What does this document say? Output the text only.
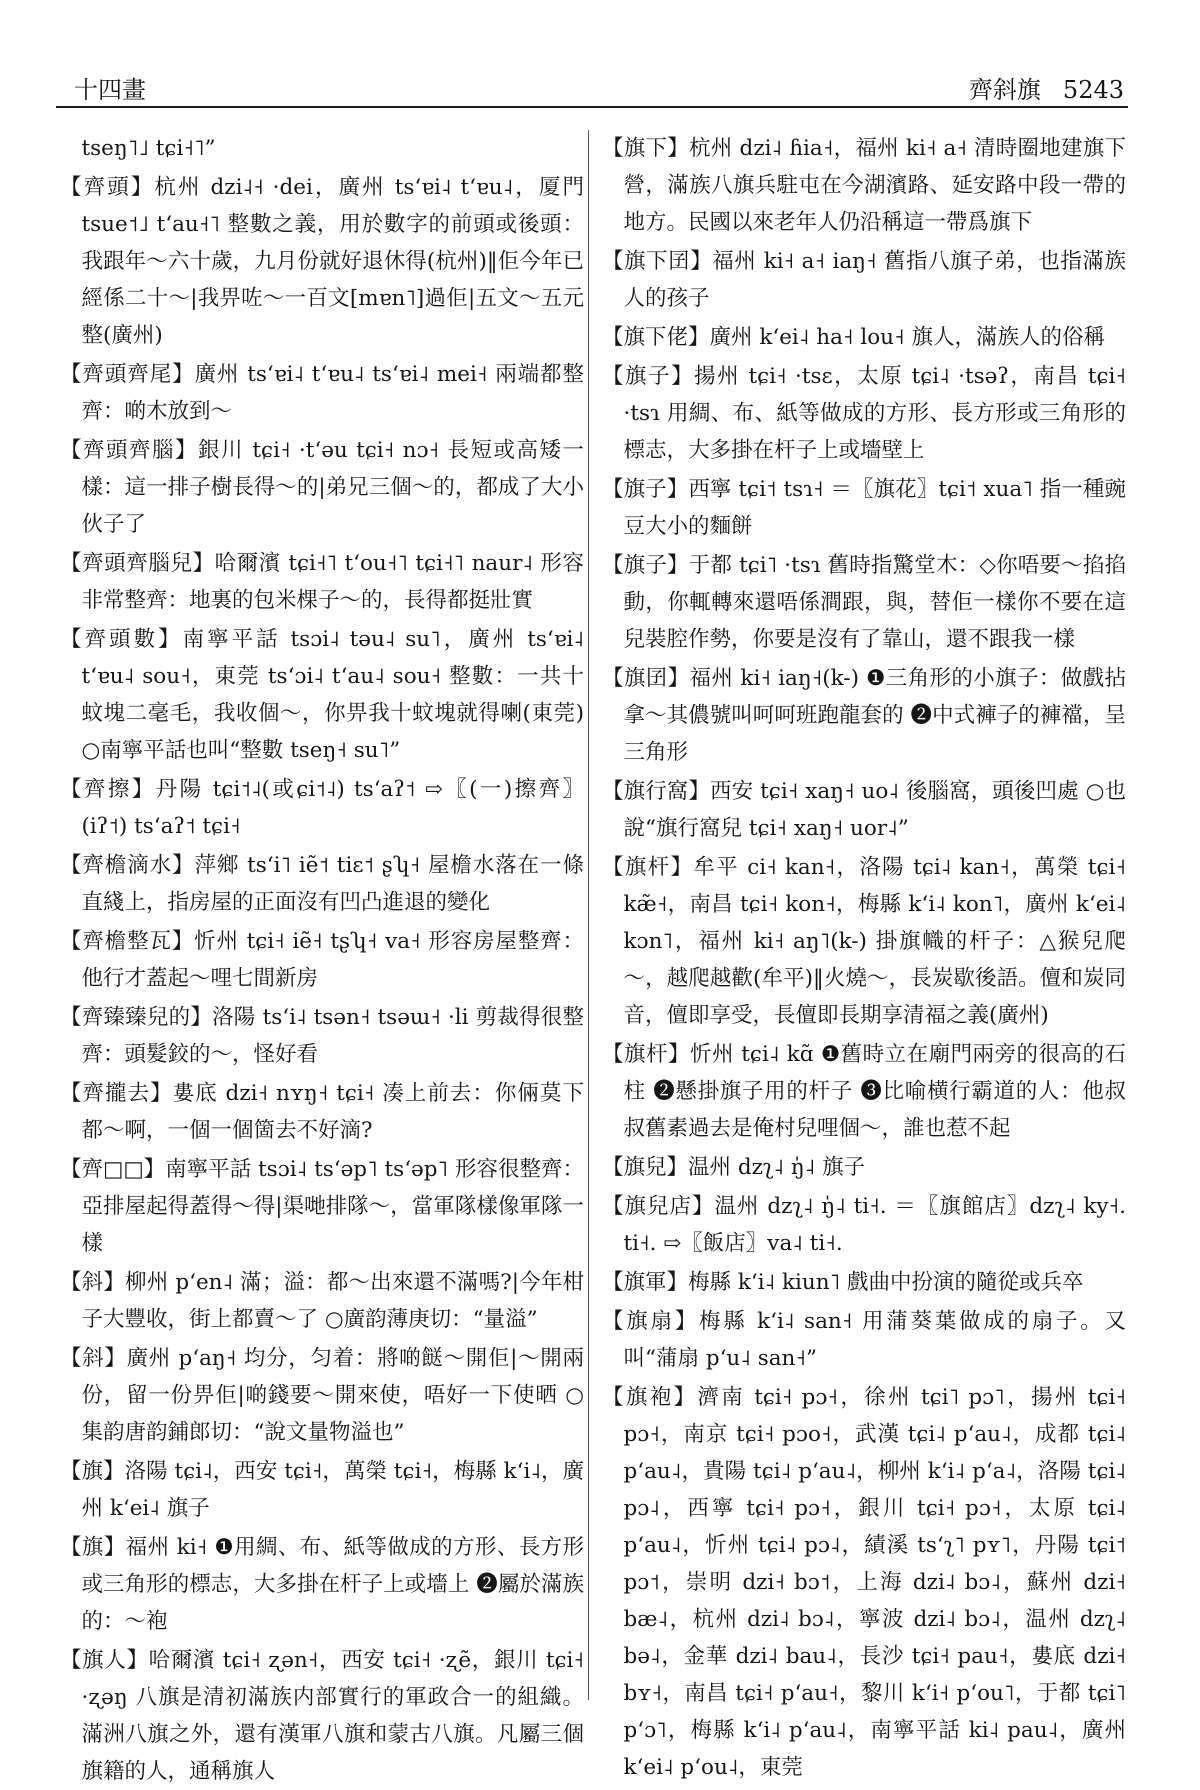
十四畫	齊斜旗 5243

tseŋ˥˩ tɕi˧˥”

【齊頭】杭州 dzi˨˧ ·dei，廣州 tsʻɐi˨ tʻɐu˨，厦門 tsue˦˩ tʻau˧˥ 整數之義，用於數字的前頭或後頭：我跟年～六十歲，九月份就好退休得(杭州)‖佢今年已經係二十～|我畀咗～一百文[mɐn˥]過佢|五文～五元整(廣州)

【齊頭齊尾】廣州 tsʻɐi˨ tʻɐu˨ tsʻɐi˨ mei˧ 兩端都整齊：啲木放到～

【齊頭齊腦】銀川 tɕi˧ ·tʻəu tɕi˧ nɔ˧ 長短或高矮一樣：這一排子樹長得～的|弟兄三個～的，都成了大小伙子了

【齊頭齊腦兒】哈爾濱 tɕi˧˥ tʻou˧˥ tɕi˧˥ naur˨ 形容非常整齊：地裏的包米棵子～的，長得都挺壯實

【齊頭數】南寧平話 tsɔi˨ təu˨ su˥，廣州 tsʻɐi˨ tʻɐu˨ sou˧，東莞 tsʻɔi˨ tʻau˨ sou˧ 整數：一共十蚊塊二毫毛，我收個～，你畀我十蚊塊就得喇(東莞) ○南寧平話也叫“整數 tseŋ˧ su˥”

【齊擦】丹陽 tɕi˦˨(或ɕi˦˨) tsʻaʔ˦ ⇨〖(一)擦齊〗(iʔ˦) tsʻaʔ˦ tɕi˧

【齊檐滴水】萍鄉 tsʻi˥ iẽ˦ tiɛ˦ ʂʮ˧ 屋檐水落在一條直綫上，指房屋的正面沒有凹凸進退的變化

【齊檐整瓦】忻州 tɕi˧ iẽ˧ tʂʮ˧ va˧ 形容房屋整齊：他行才蓋起～哩七間新房

【齊臻臻兒的】洛陽 tsʻi˨ tsən˧ tsəɯ˧ ·li 剪裁得很整齊：頭髮鉸的～，怪好看

【齊攏去】婁底 dzi˧ nʏŋ˧ tɕi˧ 凑上前去：你倆莫下都～啊，一個一個箇去不好滴?

【齊□□】南寧平話 tsɔi˨ tsʻəp˥ tsʻəp˥ 形容很整齊：亞排屋起得蓋得～得|渠哋排隊～，當軍隊樣像軍隊一樣

【斜】柳州 pʻen˨ 滿；溢：都～出來還不滿嗎?|今年柑子大豐收，街上都賣～了 ○廣韵薄庚切：“量溢”

【斜】廣州 pʻaŋ˧ 均分，匀着：將啲餸～開佢|～開兩份，留一份畀佢|啲錢要～開來使，唔好一下使晒 ○集韵唐韵鋪郎切：“說文量物溢也”

【旗】洛陽 tɕi˨，西安 tɕi˧，萬榮 tɕi˧，梅縣 kʻi˨，廣州 kʻei˨ 旗子

【旗】福州 ki˧ ❶用綢、布、紙等做成的方形、長方形或三角形的標志，大多掛在杆子上或墻上 ❷屬於滿族的：～袍

【旗人】哈爾濱 tɕi˧ ʐən˧，西安 tɕi˧ ·ʐẽ，銀川 tɕi˧ ·ʐəŋ 八旗是清初滿族内部實行的軍政合一的組織。滿洲八旗之外，還有漢軍八旗和蒙古八旗。凡屬三個旗籍的人，通稱旗人

【旗下】杭州 dzi˨ ɦia˧，福州 ki˧ a˧ 清時圈地建旗下營，滿族八旗兵駐屯在今湖濱路、延安路中段一帶的地方。民國以來老年人仍沿稱這一帶爲旗下

【旗下囝】福州 ki˧ a˧ iaŋ˧ 舊指八旗子弟，也指滿族人的孩子

【旗下佬】廣州 kʻei˨ ha˧ lou˧ 旗人，滿族人的俗稱

【旗子】揚州 tɕi˧ ·tsɛ，太原 tɕi˨ ·tsəʔ，南昌 tɕi˧ ·tsɿ 用綢、布、紙等做成的方形、長方形或三角形的標志，大多掛在杆子上或墻壁上

【旗子】西寧 tɕi˦ tsɿ˧ ＝〖旗花〗tɕi˦ xua˥ 指一種豌豆大小的麵餅

【旗子】于都 tɕi˥ ·tsɿ 舊時指驚堂木：◇你唔要～掐掐動，你輒轉來還唔係澗跟，與，替佢一樣你不要在這兒裝腔作勢，你要是沒有了靠山，還不跟我一樣

【旗囝】福州 ki˧ iaŋ˧(k-) ❶三角形的小旗子：做戲拈拿～其儂號叫呵呵班跑龍套的 ❷中式褲子的褲襠，呈三角形

【旗行窩】西安 tɕi˧ xaŋ˧ uo˨ 後腦窩，頭後凹處 ○也說“旗行窩兒 tɕi˧ xaŋ˧ uor˨”

【旗杆】牟平 ci˧ kan˧，洛陽 tɕi˨ kan˧，萬榮 tɕi˧ kæ̃˧，南昌 tɕi˧ kon˧，梅縣 kʻi˨ kon˥，廣州 kʻei˨ kɔn˥，福州 ki˧ aŋ˥(k-) 掛旗幟的杆子：△猴兒爬～，越爬越歡(牟平)‖火燒～，長炭歇後語。儃和炭同音，儃即享受，長儃即長期享清福之義(廣州)

【旗杆】忻州 tɕi˨ kɑ̃ ❶舊時立在廟門兩旁的很高的石柱 ❷懸掛旗子用的杆子 ❸比喻横行霸道的人：他叔叔舊素過去是俺村兒哩個～，誰也惹不起

【旗兒】温州 dzʅ˨ ŋ̍˨ 旗子

【旗兒店】温州 dzʅ˨ ŋ̍˨ ti˧. ＝〖旗館店〗dzʅ˨ ky˧. ti˧. ⇨〖飯店〗va˨ ti˧.

【旗軍】梅縣 kʻi˨ kiun˥ 戲曲中扮演的隨從或兵卒

【旗扇】梅縣 kʻi˨ san˧ 用蒲葵葉做成的扇子。又叫“蒲扇 pʻu˨ san˧”

【旗袍】濟南 tɕi˧ pɔ˧，徐州 tɕi˥ pɔ˥，揚州 tɕi˧ pɔ˧，南京 tɕi˧ pɔo˧，武漢 tɕi˨ pʻau˨，成都 tɕi˨ pʻau˨，貴陽 tɕi˨ pʻau˨，柳州 kʻi˨ pʻa˨，洛陽 tɕi˨ pɔ˨，西寧 tɕi˧ pɔ˧，銀川 tɕi˧ pɔ˧，太原 tɕi˨ pʻau˨，忻州 tɕi˨ pɔ˨，績溪 tsʻʅ˥ pʏ˥，丹陽 tɕi˦ pɔ˦，崇明 dzi˧ bɔ˦，上海 dzi˨ bɔ˨，蘇州 dzi˧ bæ˨，杭州 dzi˨ bɔ˨，寧波 dzi˨ bɔ˨，温州 dzʅ˨ bə˨，金華 dzi˨ bau˨，長沙 tɕi˧ pau˧，婁底 dzi˧ bʏ˧，南昌 tɕi˧ pʻau˧，黎川 kʻi˧ pʻou˥，于都 tɕi˥ pʻɔ˥，梅縣 kʻi˨ pʻau˨，南寧平話 ki˨ pau˨，廣州 kʻei˨ pʻou˨，東莞
